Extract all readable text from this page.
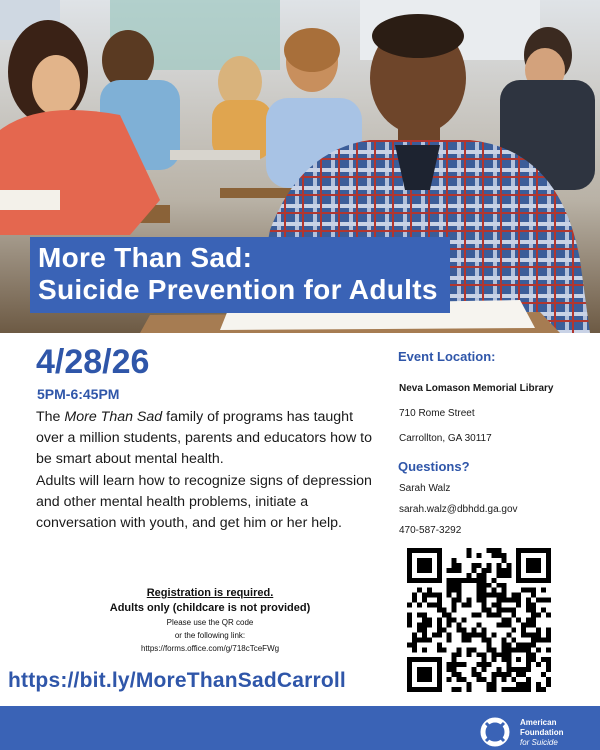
More Than Sad:
Suicide Prevention for Adults
4/28/26
5PM-6:45PM
The More Than Sad family of programs has taught over a million students, parents and educators how to be smart about mental health.
Adults will learn how to recognize signs of depression and other mental health problems, initiate a conversation with youth, and get him or her help.
Registration is required.
Adults only (childcare is not provided)
Please use the QR code
or the following link:
https://forms.office.com/g/718cTceFWg
https://bit.ly/MoreThanSadCarroll
Event Location:
Neva Lomason Memorial Library
710 Rome Street
Carrollton, GA 30117
Questions?
Sarah Walz
sarah.walz@dbhdd.ga.gov
470-587-3292
American
Foundation
for Suicide
